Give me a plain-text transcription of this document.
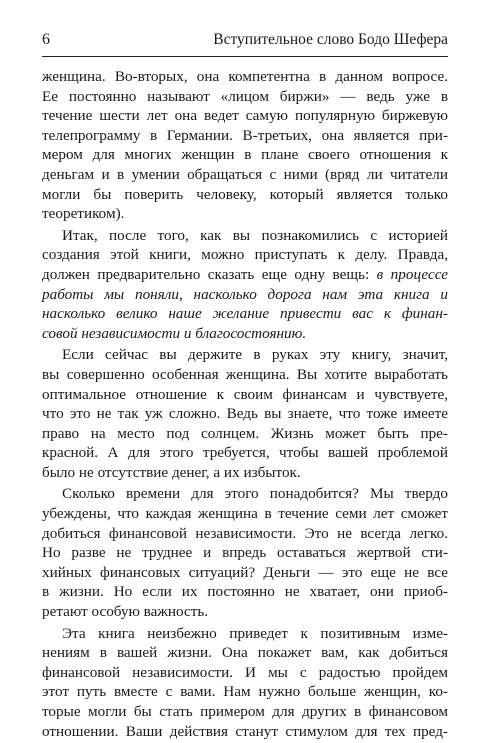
6	Вступительное слово Бодо Шефера

женщина. Во-вторых, она компетентна в данном вопросе.
Ее постоянно называют «лицом биржи» — ведь уже в
течение шести лет она ведет самую популярную биржевую
телепрограмму в Германии. В-третьих, она является при-
мером для многих женщин в плане своего отношения к
деньгам и в умении обращаться с ними (вряд ли читатели
могли бы поверить человеку, который является только
теоретиком).

Итак, после того, как вы познакомились с историей
создания этой книги, можно приступать к делу. Правда,
должен предварительно сказать еще одну вещь: в процессе
работы мы поняли, насколько дорога нам эта книга и
насколько велико наше желание привести вас к финан-
совой независимости и благосостоянию.

Если сейчас вы держите в руках эту книгу, значит,
вы совершенно особенная женщина. Вы хотите выработать
оптимальное отношение к своим финансам и чувствуете,
что это не так уж сложно. Ведь вы знаете, что тоже имеете
право на место под солнцем. Жизнь может быть пре-
красной. А для этого требуется, чтобы вашей проблемой
было не отсутствие денег, а их избыток.

Сколько времени для этого понадобится? Мы твердо
убеждены, что каждая женщина в течение семи лет сможет
добиться финансовой независимости. Это не всегда легко.
Но разве не труднее и впредь оставаться жертвой сти-
хийных финансовых ситуаций? Деньги — это еще не все
в жизни. Но если их постоянно не хватает, они приоб-
ретают особую важность.

Эта книга неизбежно приведет к позитивным изме-
нениям в вашей жизни. Она покажет вам, как добиться
финансовой независимости. И мы с радостью пройдем
этот путь вместе с вами. Нам нужно больше женщин, ко-
торые могли бы стать примером для других в финансовом
отношении. Ваши действия станут стимулом для тех пред-
